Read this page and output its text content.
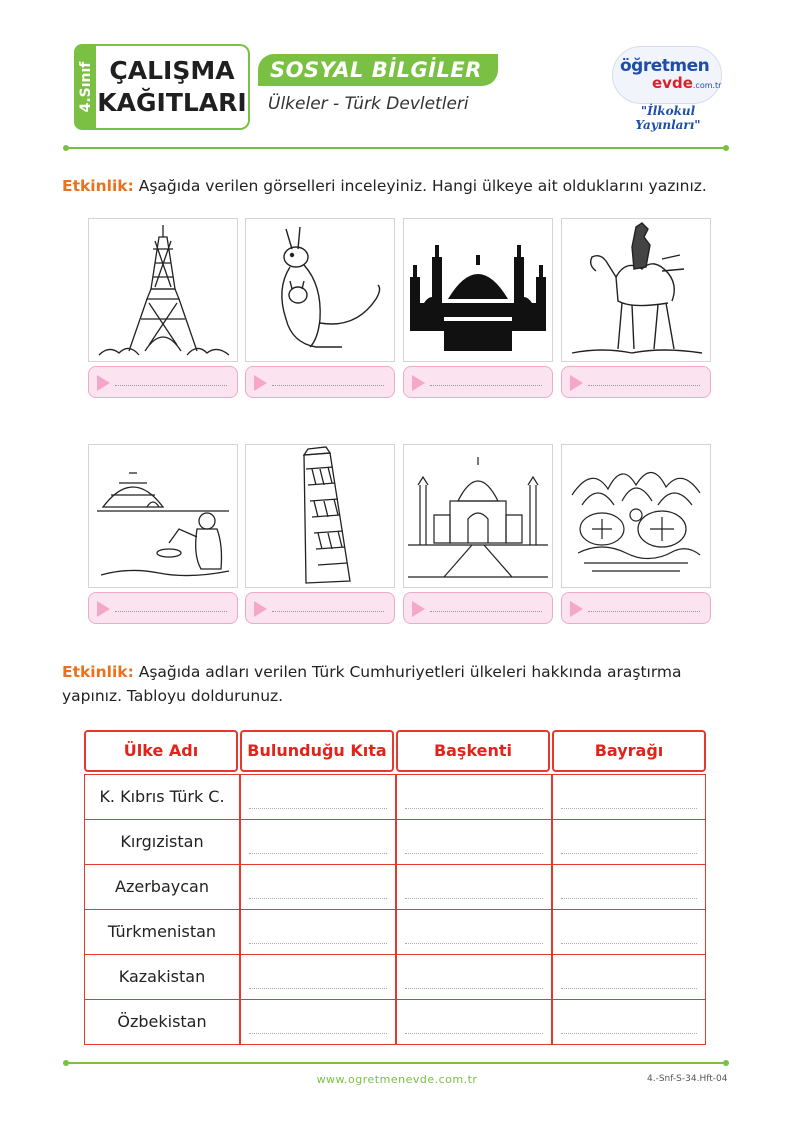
4.Sınıf ÇALIŞMA
KAĞITLARI
SOSYAL BİLGİLER
Ülkeler - Türk Devletleri
öğretmen
evde.com.tr
"İlkokul Yayınları"
Etkinlik: Aşağıda verilen görselleri inceleyiniz. Hangi ülkeye ait olduklarını yazınız.
Etkinlik: Aşağıda adları verilen Türk Cumhuriyetleri ülkeleri hakkında araştırma
yapınız. Tabloyu doldurunuz.
Ülke Adı	Bulunduğu Kıta	Başkenti	Bayrağı
K. Kıbrıs Türk C.
Kırgızistan
Azerbaycan
Türkmenistan
Kazakistan
Özbekistan
www.ogretmenevde.com.tr	4.-Snf-S-34.Hft-04
